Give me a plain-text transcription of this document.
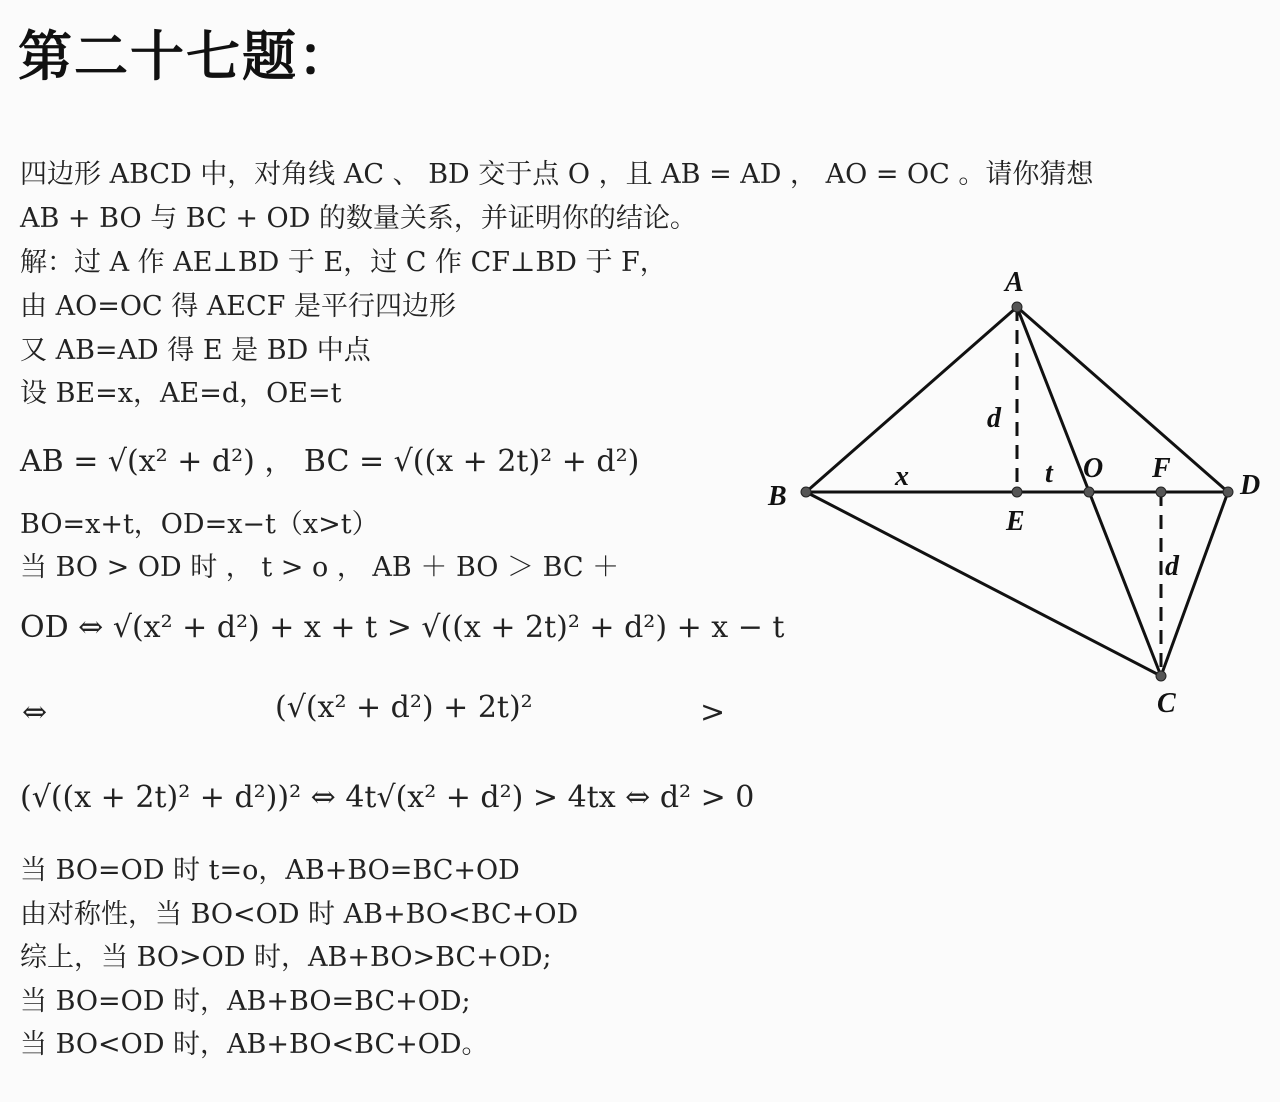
第二十七题：
四边形 ABCD 中，对角线 AC 、 BD 交于点 O ，且 AB = AD ， AO = OC 。请你猜想
AB + BO 与 BC + OD 的数量关系，并证明你的结论。
解：过 A 作 AE⊥BD 于 E，过 C 作 CF⊥BD 于 F，
由 AO=OC 得 AECF 是平行四边形
又 AB=AD 得 E 是 BD 中点
设 BE=x，AE=d，OE=t
AB = √(x² + d²) ， BC = √((x + 2t)² + d²)
BO=x+t，OD=x−t（x>t）
当 BO > OD 时 ， t > o ， AB ＋ BO ＞ BC ＋
OD ⇔ √(x² + d²) + x + t > √((x + 2t)² + d²) + x − t
⇔	(√(x² + d²) + 2t)²	>
(√((x + 2t)² + d²))² ⇔ 4t√(x² + d²) > 4tx ⇔ d² > 0
当 BO=OD 时 t=o，AB+BO=BC+OD
由对称性，当 BO<OD 时 AB+BO<BC+OD
综上，当 BO>OD 时，AB+BO>BC+OD;
当 BO=OD 时，AB+BO=BC+OD;
当 BO<OD 时，AB+BO<BC+OD。
A
B	D
C
E
O F
x	t
d
d
